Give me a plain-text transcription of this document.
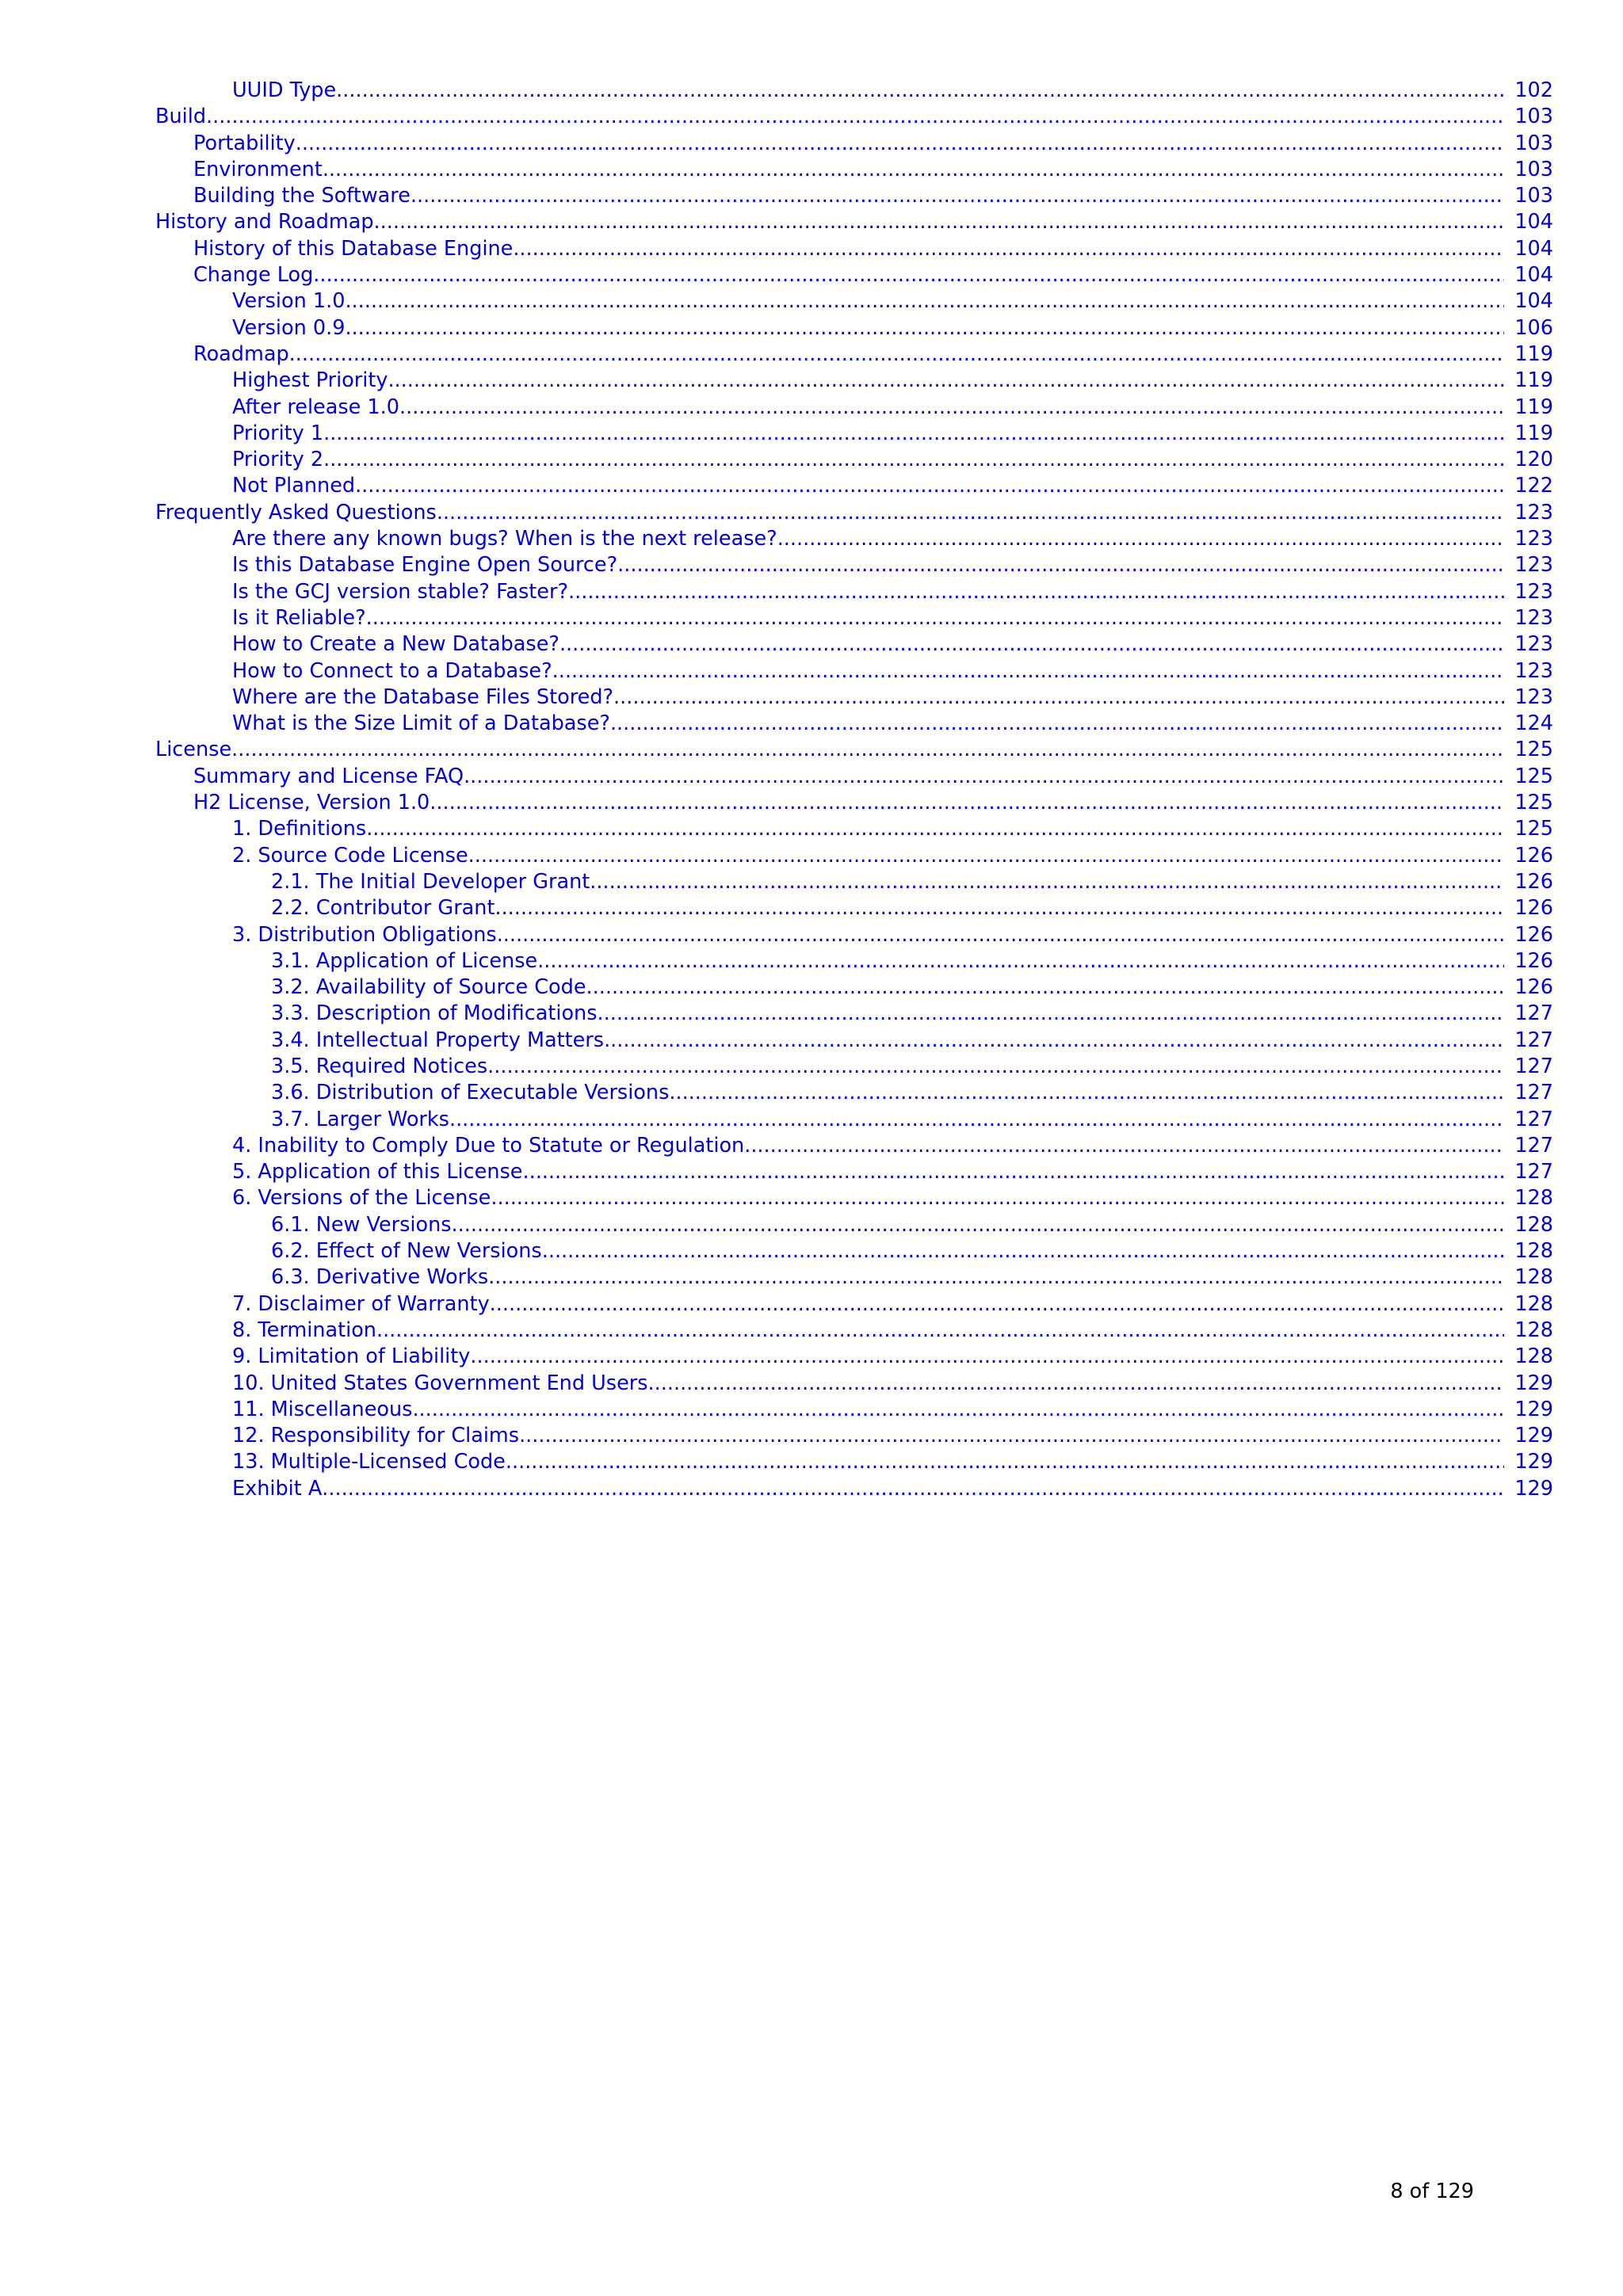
UUID Type .....	102
Build .....	103
Portability .....	103
Environment .....	103
Building the Software .....	103
History and Roadmap .....	104
History of this Database Engine .....	104
Change Log .....	104
Version 1.0 .....	104
Version 0.9 .....	106
Roadmap .....	119
Highest Priority .....	119
After release 1.0 .....	119
Priority 1 .....	119
Priority 2 .....	120
Not Planned .....	122
Frequently Asked Questions .....	123
Are there any known bugs? When is the next release? .....	123
Is this Database Engine Open Source? .....	123
Is the GCJ version stable? Faster? .....	123
Is it Reliable? .....	123
How to Create a New Database? .....	123
How to Connect to a Database? .....	123
Where are the Database Files Stored? .....	123
What is the Size Limit of a Database? .....	124
License .....	125
Summary and License FAQ .....	125
H2 License, Version 1.0 .....	125
1. Definitions .....	125
2. Source Code License .....	126
2.1. The Initial Developer Grant .....	126
2.2. Contributor Grant .....	126
3. Distribution Obligations .....	126
3.1. Application of License .....	126
3.2. Availability of Source Code .....	126
3.3. Description of Modifications .....	127
3.4. Intellectual Property Matters .....	127
3.5. Required Notices .....	127
3.6. Distribution of Executable Versions .....	127
3.7. Larger Works .....	127
4. Inability to Comply Due to Statute or Regulation .....	127
5. Application of this License .....	127
6. Versions of the License .....	128
6.1. New Versions .....	128
6.2. Effect of New Versions .....	128
6.3. Derivative Works .....	128
7. Disclaimer of Warranty .....	128
8. Termination .....	128
9. Limitation of Liability .....	128
10. United States Government End Users .....	129
11. Miscellaneous .....	129
12. Responsibility for Claims .....	129
13. Multiple-Licensed Code .....	129
Exhibit A .....	129
8 of 129
